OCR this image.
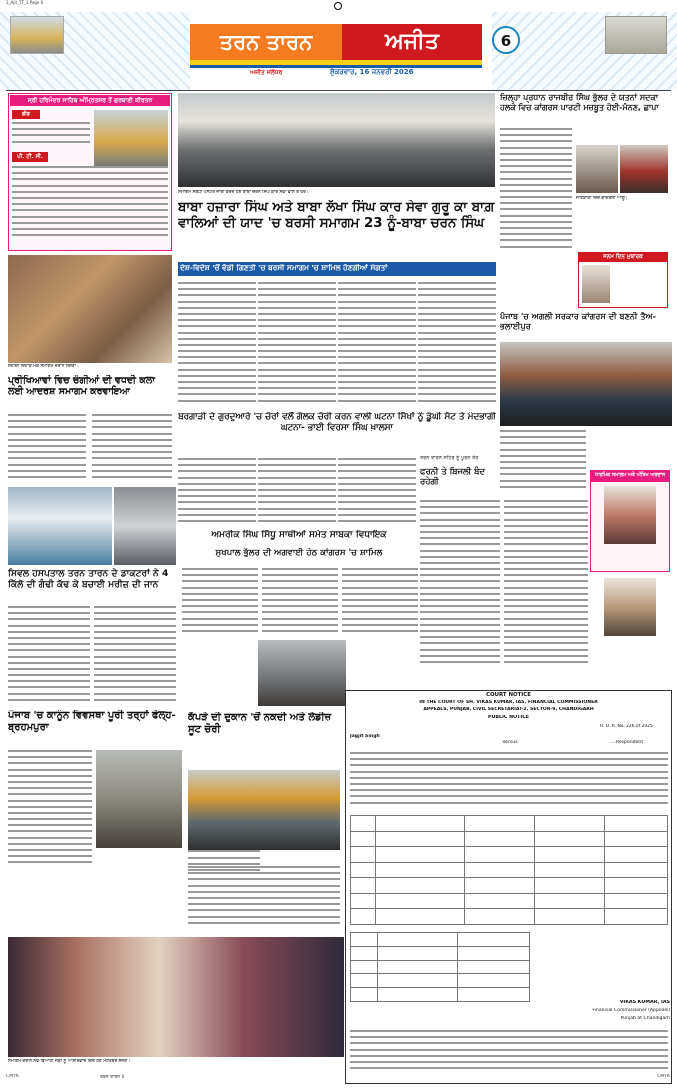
1_Ajit_TT_1 Page 6
ਤਰਨ ਤਾਰਨ	ਅਜੀਤ
ਅਜੀਤ ਜਲੰਧਰ	ਸ਼ੁੱਕਰਵਾਰ, 16 ਜਨਵਰੀ 2026
6
ਸ੍ਰੀ ਹਰਿਮੰਦਰ ਸਾਹਿਬ ਅੰਮ੍ਰਿਤਸਰ ਤੋਂ ਗੁਰਬਾਣੀ ਕੀਰਤਨ
ਫ਼ੀਡ
ਪੀ. ਟੀ. ਸੀ.
ਸ਼ਹੀਦੀ ਦਿਹਾੜੇ ਮੌਕੇ ਸਮਾਗਮ ਦੌਰਾਨ ਸੰਗਤਾਂ
ਪ੍ਰੀਖਿਆਵਾਂ ਵਿਚ ਚੰਗੀਆਂ ਦੀ ਵਧਦੀ ਕਲਾ ਲਈ ਆਦਰਸ਼ ਸਮਾਗਮ ਕਰਵਾਇਆ
ਸਿਵਲ ਹਸਪਤਾਲ ਤਰਨ ਤਾਰਨ ਦੇ ਡਾਕਟਰਾਂ ਨੇ 4 ਕਿੱਲੋ ਦੀ ਗੰਢੀ ਕੱਢ ਕੇ ਬਚਾਈ ਮਰੀਜ਼ ਦੀ ਜਾਨ
ਪੰਜਾਬ 'ਚ ਕਾਨੂੰਨ ਵਿਵਸਥਾ ਪੂਰੀ ਤਰ੍ਹਾਂ ਫੇਲ੍ਹ- ਬ੍ਰਹਮਪੁਰਾ
ਕੱਪੜੇ ਦੀ ਦੁਕਾਨ 'ਚੋਂ ਨਕਦੀ ਅਤੇ ਲੇਡੀਜ਼ ਸੂਟ ਚੋਰੀ
ਸਮਾਗਮ ਦੌਰਾਨ ਨਵ-ਵਿਆਹੀ ਜੋੜੀ ਨੂੰ ਆਸ਼ੀਰਵਾਦ ਦਿੰਦੇ ਹੋਏ ਮੋਹਤਬਰ ਸੱਜਣ।
ਸਮਾਗਮ ਸਬੰਧੀ ਪੋਸਟਰ ਜਾਰੀ ਕਰਦੇ ਹੋਏ ਬਾਬਾ ਚਰਨ ਸਿੰਘ ਕਾਰ ਸੇਵਾ ਵਾਲੇ ਤੇ ਹੋਰ।
ਬਾਬਾ ਹਜ਼ਾਰਾ ਸਿੰਘ ਅਤੇ ਬਾਬਾ ਲੱਖਾ ਸਿੰਘ ਕਾਰ ਸੇਵਾ ਗੁਰੂ ਕਾ ਬਾਗ਼ ਵਾਲਿਆਂ ਦੀ ਯਾਦ 'ਚ ਬਰਸੀ ਸਮਾਗਮ 23 ਨੂੰ-ਬਾਬਾ ਚਰਨ ਸਿੰਘ
ਦੇਸ਼-ਵਿਦੇਸ਼ 'ਚੋਂ ਵੱਡੀ ਗਿਣਤੀ 'ਚ ਬਰਸੀ ਸਮਾਗਮ 'ਚ ਸ਼ਾਮਿਲ ਹੋਣਗੀਆਂ ਸੰਗਤਾਂ
ਬਰਗਾੜੀ ਦੇ ਗੁਰਦੁਆਰੇ 'ਚ ਚੋਰਾਂ ਵਲੋਂ ਗੋਲਕ ਚੋਰੀ ਕਰਨ ਵਾਲੀ ਘਟਨਾ ਸਿੱਖਾਂ ਨੂੰ ਡੂੰਘੀ ਸੱਟ ਤੇ ਮੰਦਭਾਗੀ ਘਟਨਾ- ਭਾਈ ਵਿਰਸਾ ਸਿੰਘ ਖ਼ਾਲਸਾ
ਅਮਰੀਕ ਸਿੰਘ ਸਿੱਧੂ ਸਾਥੀਆਂ ਸਮੇਤ ਸਾਬਕਾ ਵਿਧਾਇਕ
ਸੁਖਪਾਲ ਭੁੱਲਰ ਦੀ ਅਗਵਾਈ ਹੇਠ ਕਾਂਗਰਸ 'ਚ ਸ਼ਾਮਿਲ
ਜ਼ਿਲ੍ਹਾ ਪ੍ਰਧਾਨ ਰਾਜਬੀਰ ਸਿੰਘ ਭੁੱਲਰ ਦੇ ਯਤਨਾਂ ਸਦਕਾ ਹਲਕੇ ਵਿਚ ਕਾਂਗਰਸ ਪਾਰਟੀ ਮਜ਼ਬੂਤ ਹੋਈ-ਮੰਨਣ, ਛਾਪਾ
ਜਾਣਕਾਰੀ ਦਿੰਦੇ ਕਾਂਗਰਸੀ ਆਗੂ।
ਜਨਮ ਦਿਨ ਮੁਬਾਰਕ
ਪੰਜਾਬ 'ਚ ਅਗਲੀ ਸਰਕਾਰ ਕਾਂਗਰਸ ਦੀ ਬਣਨੀ ਤੈਅ-ਭਲਾਈਪੁਰ
ਤਰਨ ਤਾਰਨ ਸ਼ਹਿਰ ਨੂੰ ਪੂਰਨ ਤੌਰ
ਫਰਨੀ ਤੇ ਬਿਜਲੀ ਬੰਦ ਰਹੇਗੀ
ਧਾਰਮਿਕ ਸਮਾਗਮ ਅਤੇ ਅੰਤਿਮ ਅਰਦਾਸ
COURT NOTICE
IN THE COURT OF SH. VIKAS KUMAR, IAS, FINANCIAL COMMISSIONER
APPEALS, PUNJAB, CIVIL SECRETARIAT-2, SECTOR-9, CHANDIGARH
PUBLIC NOTICE
R. O. R. No. 226 of 2025
Jagjit Singh
Versus	....Respondent

VIKAS KUMAR, IAS
Financial Commissioner (Appeals)
Punjab at Chandigarh
CMYK	ਤਰਨ ਤਾਰਨ 6	CMYK
